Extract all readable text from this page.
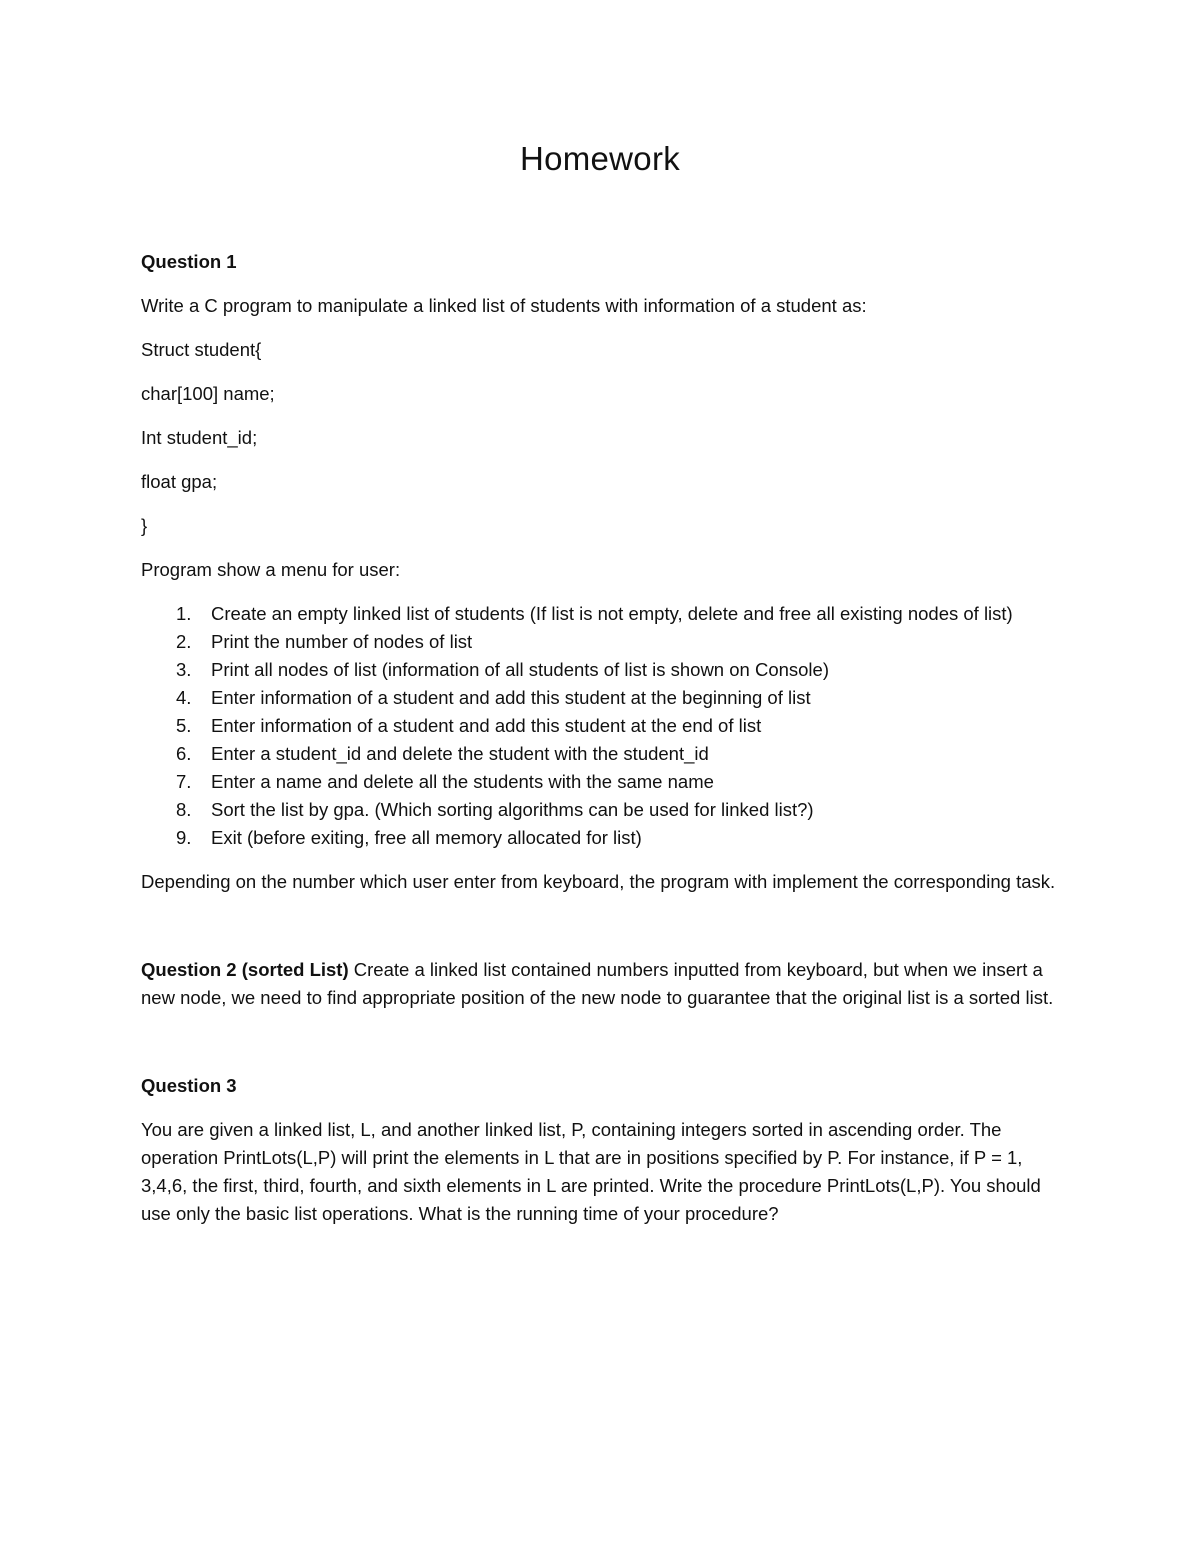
Homework

Question 1

Write a C program to manipulate a linked list of students with information of a student as:

Struct student{

char[100] name;

Int student_id;

float gpa;

}

Program show a menu for user:

1. Create an empty linked list of students (If list is not empty, delete and free all existing nodes of list)
2. Print the number of nodes of list
3. Print all nodes of list (information of all students of list is shown on Console)
4. Enter information of a student and add this student at the beginning of list
5. Enter information of a student and add this student at the end of list
6. Enter a student_id and delete the student with the student_id
7. Enter a name and delete all the students with the same name
8. Sort the list by gpa. (Which sorting algorithms can be used for linked list?)
9. Exit (before exiting, free all memory allocated for list)

Depending on the number which user enter from keyboard, the program with implement the corresponding task.

Question 2 (sorted List) Create a linked list contained numbers inputted from keyboard, but when we insert a new node, we need to find appropriate position of the new node to guarantee that the original list is a sorted list.

Question 3

You are given a linked list, L, and another linked list, P, containing integers sorted in ascending order. The operation PrintLots(L,P) will print the elements in L that are in positions specified by P. For instance, if P = 1, 3,4,6, the first, third, fourth, and sixth elements in L are printed. Write the procedure PrintLots(L,P). You should use only the basic list operations. What is the running time of your procedure?
